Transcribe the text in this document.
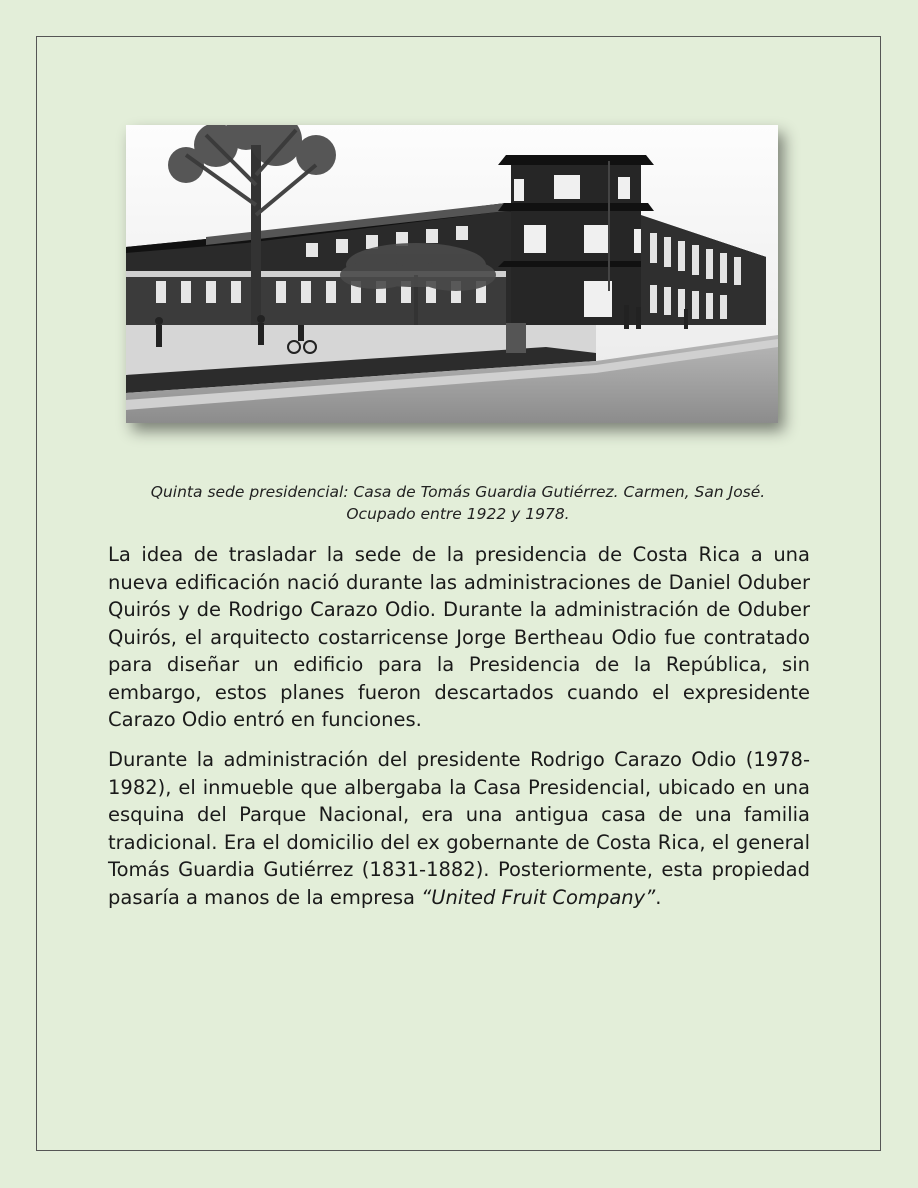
Quinta sede presidencial: Casa de Tomás Guardia Gutiérrez. Carmen, San José.
Ocupado entre 1922 y 1978.

La idea de trasladar la sede de la presidencia de Costa Rica a una nueva edificación nació durante las administraciones de Daniel Oduber Quirós y de Rodrigo Carazo Odio. Durante la administración de Oduber Quirós, el arquitecto costarricense Jorge Bertheau Odio fue contratado para diseñar un edificio para la Presidencia de la República, sin embargo, estos planes fueron descartados cuando el expresidente Carazo Odio entró en funciones.

Durante la administración del presidente Rodrigo Carazo Odio (1978-1982), el inmueble que albergaba la Casa Presidencial, ubicado en una esquina del Parque Nacional, era una antigua casa de una familia tradicional. Era el domicilio del ex gobernante de Costa Rica, el general Tomás Guardia Gutiérrez (1831-1882). Posteriormente, esta propiedad pasaría a manos de la empresa “United Fruit Company”.
